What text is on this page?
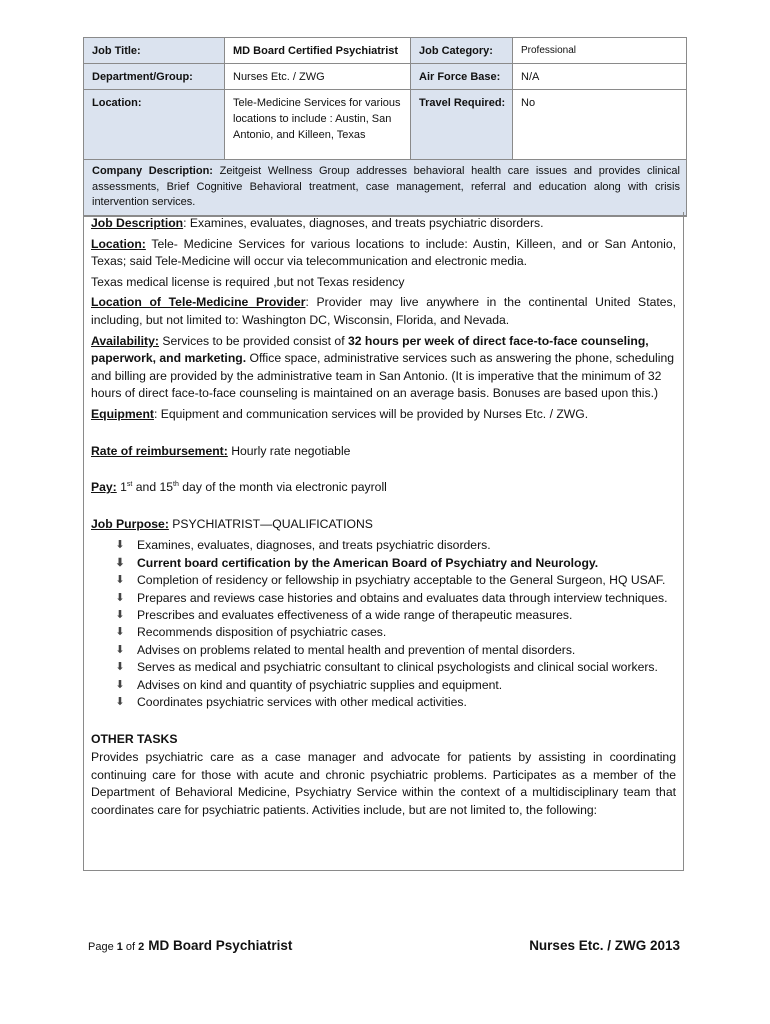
Job Title:	MD Board Certified Psychiatrist	Job Category:	Professional
Department/Group:	Nurses Etc. / ZWG	Air Force Base:	N/A
Location:	Tele-Medicine Services for various locations to include : Austin, San Antonio, and Killeen, Texas	Travel Required:	No
Company Description: Zeitgeist Wellness Group addresses behavioral health care issues and provides clinical assessments, Brief Cognitive Behavioral treatment, case management, referral and education along with crisis intervention services.			

Job Description: Examines, evaluates, diagnoses, and treats psychiatric disorders.

Location: Tele- Medicine Services for various locations to include: Austin, Killeen, and or San Antonio, Texas; said Tele-Medicine will occur via telecommunication and electronic media.

Texas medical license is required ,but not Texas residency

Location of Tele-Medicine Provider: Provider may live anywhere in the continental United States, including, but not limited to: Washington DC, Wisconsin, Florida, and Nevada.

Availability: Services to be provided consist of 32 hours per week of direct face-to-face counseling, paperwork, and marketing. Office space, administrative services such as answering the phone, scheduling and billing are provided by the administrative team in San Antonio. (It is imperative that the minimum of 32 hours of direct face-to-face counseling is maintained on an average basis. Bonuses are based upon this.)

Equipment: Equipment and communication services will be provided by Nurses Etc. / ZWG.

Rate of reimbursement: Hourly rate negotiable

Pay: 1st and 15th day of the month via electronic payroll

Job Purpose: PSYCHIATRIST—QUALIFICATIONS

⬇ Examines, evaluates, diagnoses, and treats psychiatric disorders.
⬇ Current board certification by the American Board of Psychiatry and Neurology.
⬇ Completion of residency or fellowship in psychiatry acceptable to the General Surgeon, HQ USAF.
⬇ Prepares and reviews case histories and obtains and evaluates data through interview techniques.
⬇ Prescribes and evaluates effectiveness of a wide range of therapeutic measures.
⬇ Recommends disposition of psychiatric cases.
⬇ Advises on problems related to mental health and prevention of mental disorders.
⬇ Serves as medical and psychiatric consultant to clinical psychologists and clinical social workers.
⬇ Advises on kind and quantity of psychiatric supplies and equipment.
⬇ Coordinates psychiatric services with other medical activities.
OTHER TASKS

Provides psychiatric care as a case manager and advocate for patients by assisting in coordinating continuing care for those with acute and chronic psychiatric problems. Participates as a member of the Department of Behavioral Medicine, Psychiatry Service within the context of a multidisciplinary team that coordinates care for psychiatric patients. Activities include, but are not limited to, the following:

Page 1 of 2 MD Board Psychiatrist	Nurses Etc. / ZWG 2013
